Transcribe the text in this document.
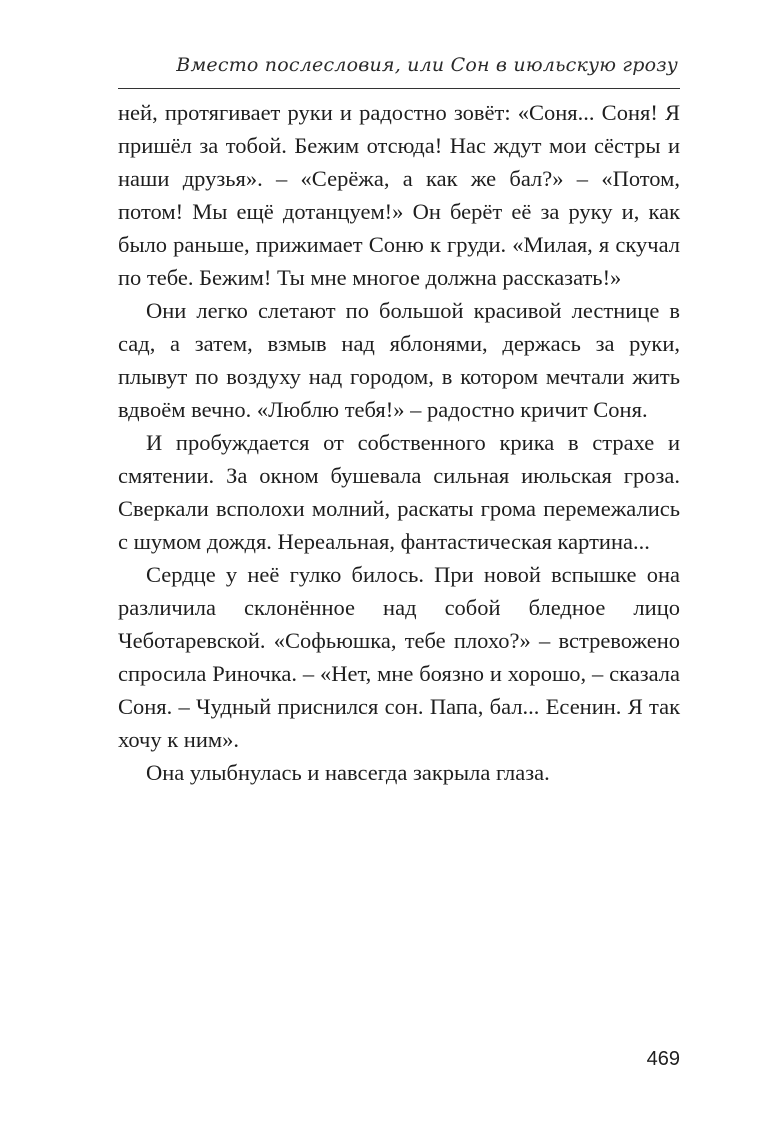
Вместо послесловия, или Сон в июльскую грозу

ней, протягивает руки и радостно зовёт: «Соня... Соня! Я пришёл за тобой. Бежим отсюда! Нас ждут мои сёстры и наши друзья». – «Серёжа, а как же бал?» – «Потом, потом! Мы ещё дотанцуем!» Он берёт её за руку и, как было раньше, прижимает Соню к груди. «Милая, я скучал по тебе. Бежим! Ты мне многое должна рассказать!»

Они легко слетают по большой красивой лестнице в сад, а затем, взмыв над яблонями, держась за руки, плывут по воздуху над городом, в котором мечтали жить вдвоём вечно. «Люблю тебя!» – радостно кричит Соня.

И пробуждается от собственного крика в страхе и смятении. За окном бушевала сильная июльская гроза. Сверкали всполохи молний, раскаты грома перемежались с шумом дождя. Нереальная, фантастическая картина...

Сердце у неё гулко билось. При новой вспышке она различила склонённое над собой бледное лицо Чеботаревской. «Софьюшка, тебе плохо?» – встревожено спросила Риночка. – «Нет, мне боязно и хорошо, – сказала Соня. – Чудный приснился сон. Папа, бал... Есенин. Я так хочу к ним».

Она улыбнулась и навсегда закрыла глаза.

469
